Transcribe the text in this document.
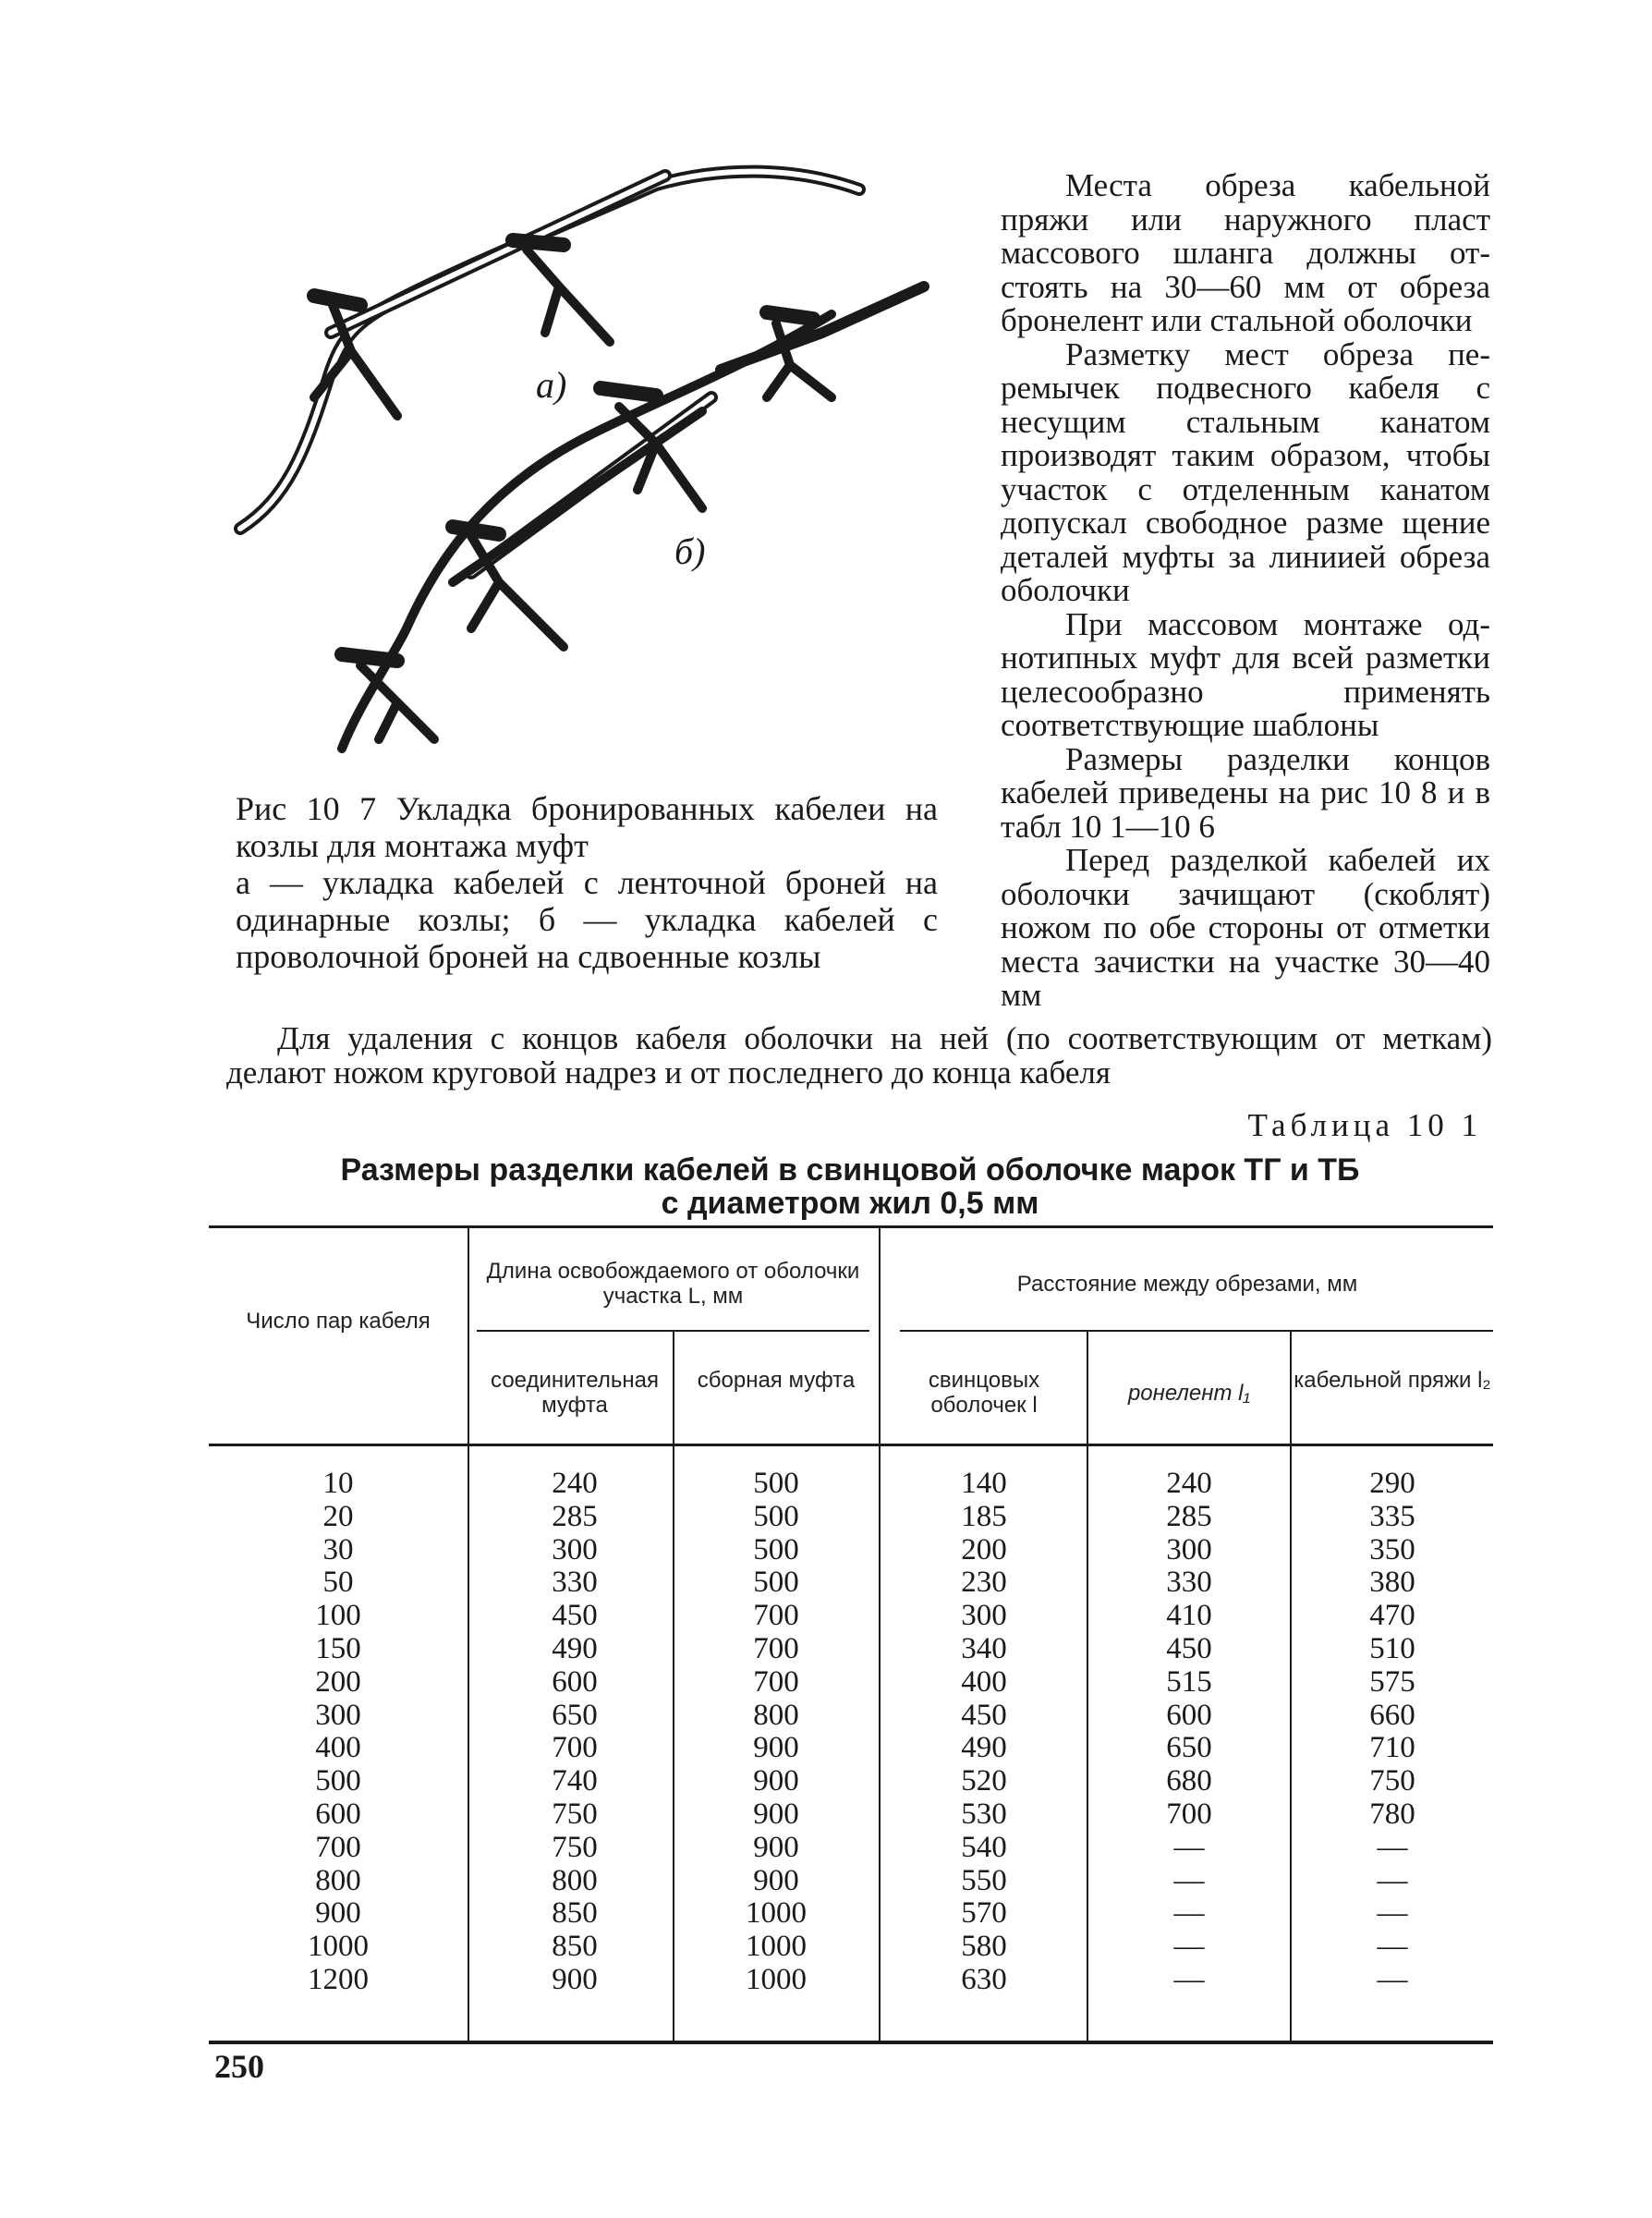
а)
б)
Рис 10 7 Укладка бронированных кабелеи на козлы для монтажа муфт
а — укладка кабелей с ленточной броней на одинарные козлы; б — укладка кабелей с проволочной броней на сдвоенные козлы

Места обреза кабельной пряжи или наружного пласт массового шланга должны отстоять на 30—60 мм от обреза бронелент или стальной оболочки

Разметку мест обреза перемычек подвесного кабеля с несущим стальным канатом производят таким образом, чтобы участок с отделенным канатом допускал свободное разме щение деталей муфты за линиией обреза оболочки

При массовом монтаже однотипных муфт для всей разметки целесообразно применять соответствующие шаблоны

Размеры разделки концов кабелей приведены на рис 10 8 и в табл 10 1—10 6

Перед разделкой кабелей их оболочки зачищают (скоблят) ножом по обе стороны от отметки места зачистки на участке 30—40 мм

Для удаления с концов кабеля оболочки на ней (по соответствующим от меткам) делают ножом круговой надрез и от последнего до конца кабеля
Таблица 10 1
Размеры разделки кабелей в свинцовой оболочке марок ТГ и ТБ
с диаметром жил 0,5 мм
Число пар кабеля
Длина освобождаемого от оболочки участка L, мм
соединительная муфта
сборная муфта
Расстояние между обрезами, мм
свинцовых оболочек l	ронелент l₁
кабельной пряжи l₂
10
20
30
50
100
150
200
300
400
500
600
700
800
900
1000
1200
240
285
300
330
450
490
600
650
700
740
750
750
800
850
850
900
500
500
500
500
700
700
700
800
900
900
900
900
900
1000
1000
1000
140
185
200
230
300
340
400
450
490
520
530
540
550
570
580
630
240
285
300
330
410
450
515
600
650
680
700
—
—
—
—
—
290
335
350
380
470
510
575
660
710
750
780
—
—
—
—
—
250
